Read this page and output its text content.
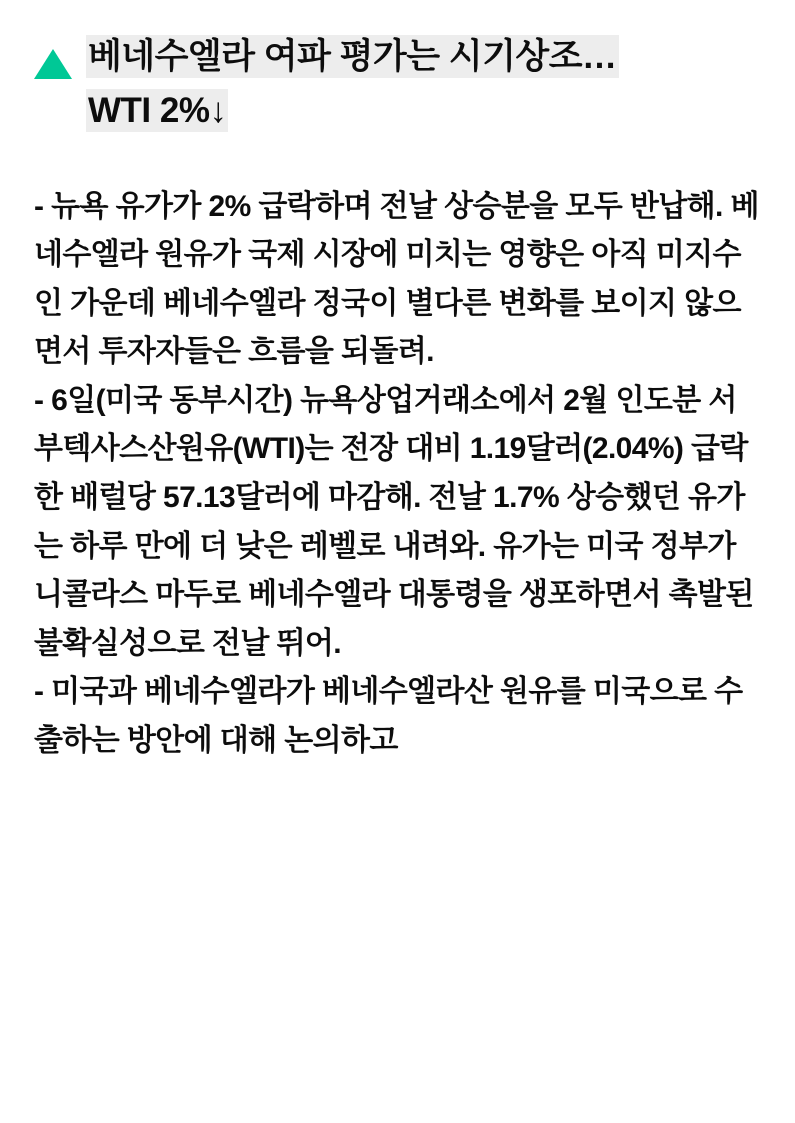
베네수엘라 여파 평가는 시기상조…
WTI 2%↓

- 뉴욕 유가가 2% 급락하며 전날 상승분을 모두 반납해. 베네수엘라 원유가 국제 시장에 미치는 영향은 아직 미지수인 가운데 베네수엘라 정국이 별다른 변화를 보이지 않으면서 투자자들은 흐름을 되돌려.

- 6일(미국 동부시간) 뉴욕상업거래소에서 2월 인도분 서부텍사스산원유(WTI)는 전장 대비 1.19달러(2.04%) 급락한 배럴당 57.13달러에 마감해. 전날 1.7% 상승했던 유가는 하루 만에 더 낮은 레벨로 내려와. 유가는 미국 정부가 니콜라스 마두로 베네수엘라 대통령을 생포하면서 촉발된 불확실성으로 전날 뛰어.

- 미국과 베네수엘라가 베네수엘라산 원유를 미국으로 수출하는 방안에 대해 논의하고
